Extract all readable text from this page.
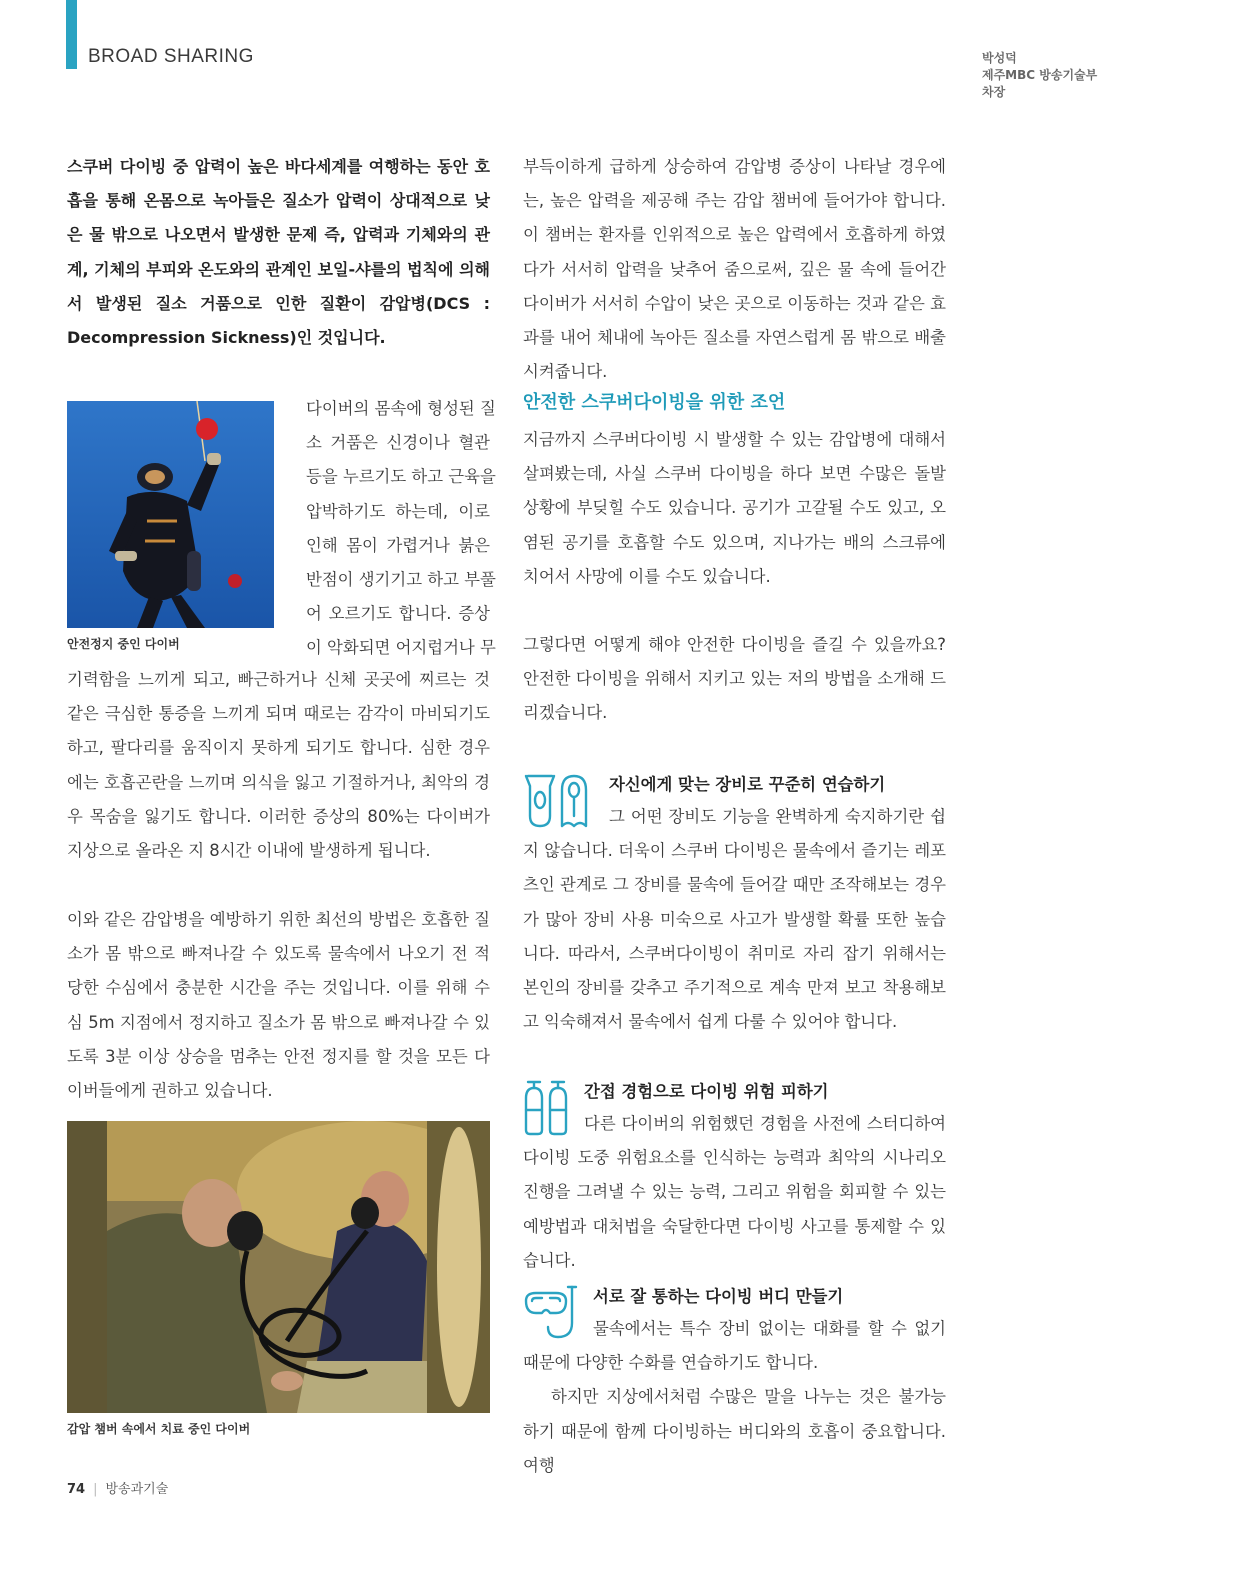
BROAD SHARING	박성덕
제주MBC 방송기술부
차장
스쿠버 다이빙 중 압력이 높은 바다세계를 여행하는 동안 호흡을 통해 온몸으로 녹아들은 질소가 압력이 상대적으로 낮은 물 밖으로 나오면서 발생한 문제 즉, 압력과 기체와의 관계, 기체의 부피와 온도와의 관계인 보일-샤를의 법칙에 의해서 발생된 질소 거품으로 인한 질환이 감압병(DCS : Decompression Sickness)인 것입니다.
안전정지 중인 다이버
다이버의 몸속에 형성된 질
소 거품은 신경이나 혈관
등을 누르기도 하고 근육을
압박하기도 하는데, 이로
인해 몸이 가렵거나 붉은
반점이 생기기고 하고 부풀
어 오르기도 합니다. 증상
이 악화되면 어지럽거나 무
기력함을 느끼게 되고, 빠근하거나 신체 곳곳에 찌르는 것 같은 극심한 통증을 느끼게 되며 때로는 감각이 마비되기도 하고, 팔다리를 움직이지 못하게 되기도 합니다. 심한 경우에는 호흡곤란을 느끼며 의식을 잃고 기절하거나, 최악의 경우 목숨을 잃기도 합니다. 이러한 증상의 80%는 다이버가 지상으로 올라온 지 8시간 이내에 발생하게 됩니다.
이와 같은 감압병을 예방하기 위한 최선의 방법은 호흡한 질소가 몸 밖으로 빠져나갈 수 있도록 물속에서 나오기 전 적당한 수심에서 충분한 시간을 주는 것입니다. 이를 위해 수심 5m 지점에서 정지하고 질소가 몸 밖으로 빠져나갈 수 있도록 3분 이상 상승을 멈추는 안전 정지를 할 것을 모든 다이버들에게 권하고 있습니다.
감압 챔버 속에서 치료 중인 다이버
부득이하게 급하게 상승하여 감압병 증상이 나타날 경우에는, 높은 압력을 제공해 주는 감압 챔버에 들어가야 합니다. 이 챔버는 환자를 인위적으로 높은 압력에서 호흡하게 하였다가 서서히 압력을 낮추어 줌으로써, 깊은 물 속에 들어간 다이버가 서서히 수압이 낮은 곳으로 이동하는 것과 같은 효과를 내어 체내에 녹아든 질소를 자연스럽게 몸 밖으로 배출시켜줍니다.
안전한 스쿠버다이빙을 위한 조언
지금까지 스쿠버다이빙 시 발생할 수 있는 감압병에 대해서 살펴봤는데, 사실 스쿠버 다이빙을 하다 보면 수많은 돌발 상황에 부딪힐 수도 있습니다. 공기가 고갈될 수도 있고, 오염된 공기를 호흡할 수도 있으며, 지나가는 배의 스크류에 치어서 사망에 이를 수도 있습니다.
그렇다면 어떻게 해야 안전한 다이빙을 즐길 수 있을까요? 안전한 다이빙을 위해서 지키고 있는 저의 방법을 소개해 드리겠습니다.
자신에게 맞는 장비로 꾸준히 연습하기
그 어떤 장비도 기능을 완벽하게 숙지하기란 쉽지 않습니다. 더욱이 스쿠버 다이빙은 물속에서 즐기는 레포츠인 관계로 그 장비를 물속에 들어갈 때만 조작해보는 경우가 많아 장비 사용 미숙으로 사고가 발생할 확률 또한 높습니다. 따라서, 스쿠버다이빙이 취미로 자리 잡기 위해서는 본인의 장비를 갖추고 주기적으로 계속 만져 보고 착용해보고 익숙해져서 물속에서 쉽게 다룰 수 있어야 합니다.
간접 경험으로 다이빙 위험 피하기
다른 다이버의 위험했던 경험을 사전에 스터디하여 다이빙 도중 위험요소를 인식하는 능력과 최악의 시나리오 진행을 그려낼 수 있는 능력, 그리고 위험을 회피할 수 있는 예방법과 대처법을 숙달한다면 다이빙 사고를 통제할 수 있습니다.
서로 잘 통하는 다이빙 버디 만들기
물속에서는 특수 장비 없이는 대화를 할 수 없기 때문에 다양한 수화를 연습하기도 합니다.
하지만 지상에서처럼 수많은 말을 나누는 것은 불가능하기 때문에 함께 다이빙하는 버디와의 호흡이 중요합니다. 여행
74 | 방송과기술
